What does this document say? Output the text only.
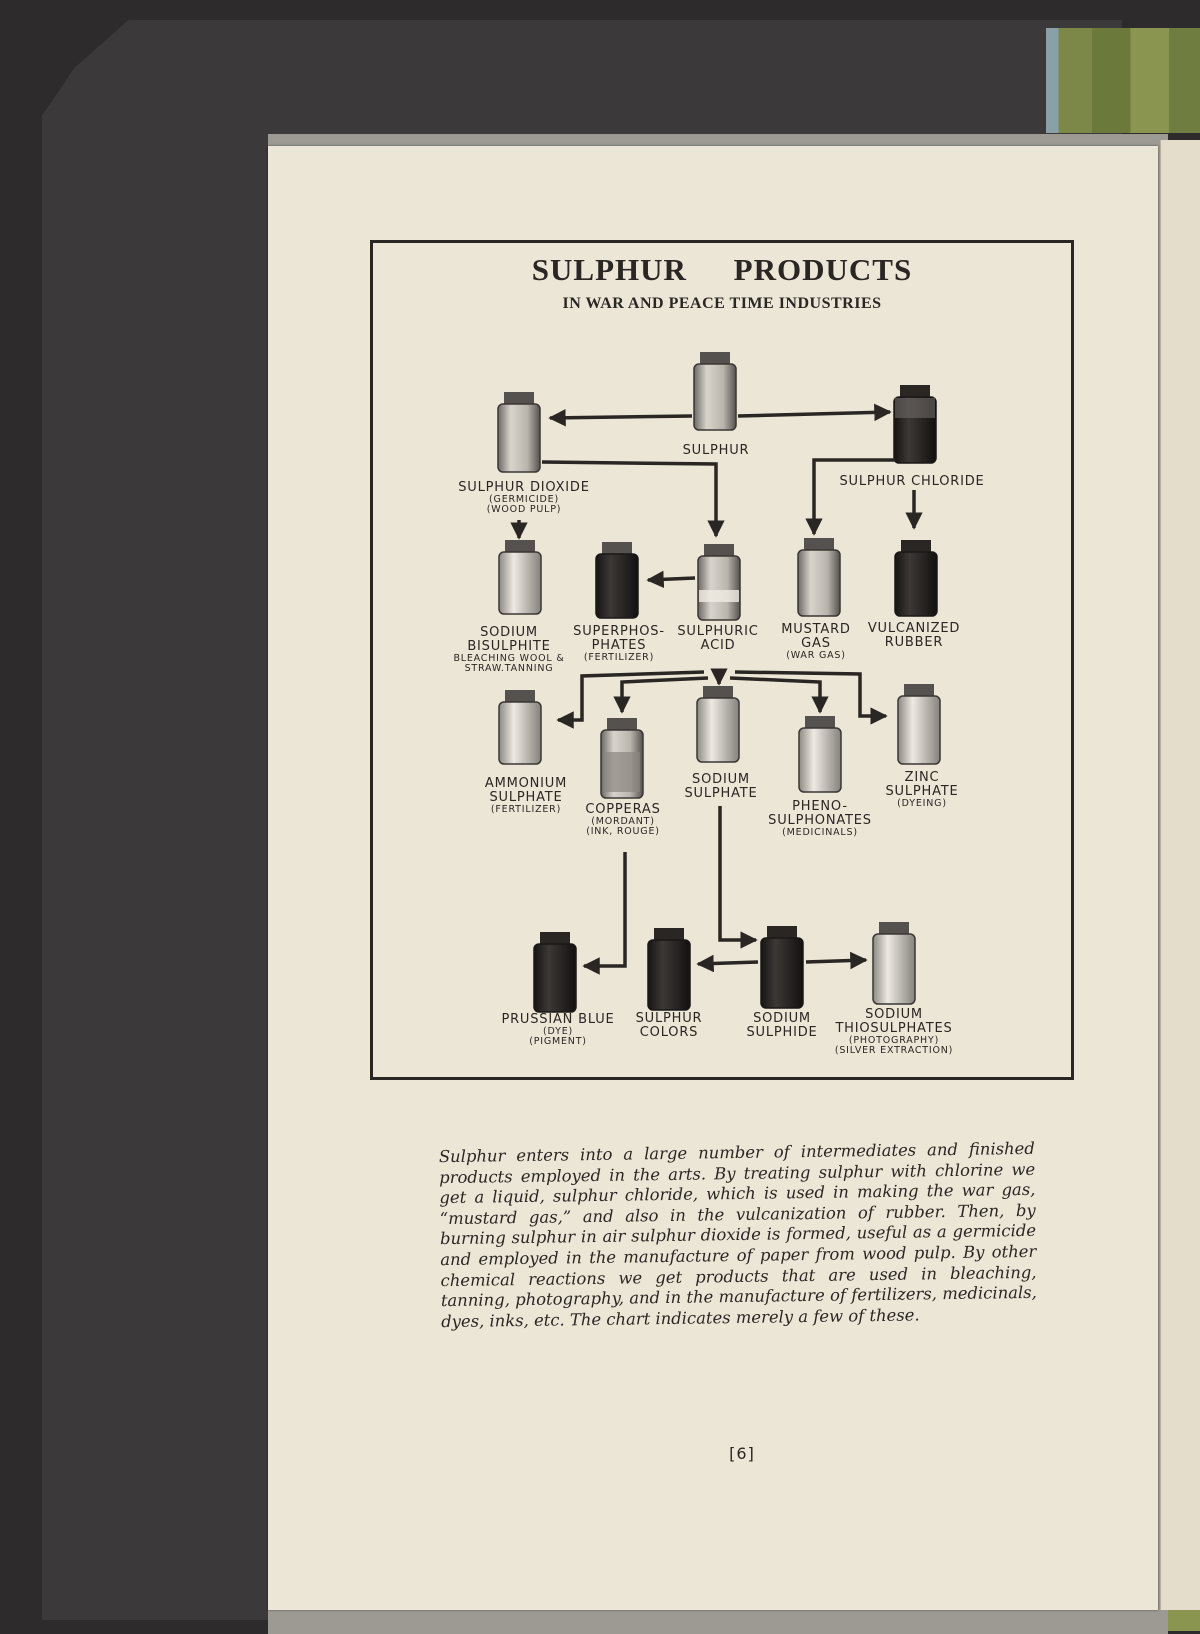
SULPHUR PRODUCTS
IN WAR AND PEACE TIME INDUSTRIES
SULPHUR
SULPHUR DIOXIDE
(GERMICIDE)
(WOOD PULP)
SULPHUR CHLORIDE
SODIUM
BISULPHITE
BLEACHING WOOL &
STRAW.TANNING
SUPERPHOS-
PHATES
(FERTILIZER)
SULPHURIC
ACID
MUSTARD
GAS
(WAR GAS)
VULCANIZED
RUBBER
AMMONIUM
SULPHATE
(FERTILIZER)	COPPERAS
(MORDANT)
(INK, ROUGE)
SODIUM
SULPHATE
PHENO-
SULPHONATES
(MEDICINALS)
ZINC
SULPHATE
(DYEING)
PRUSSIAN BLUE
(DYE)
(PIGMENT)
SULPHUR
COLORS
SODIUM
SULPHIDE
SODIUM
THIOSULPHATES
(PHOTOGRAPHY)
(SILVER EXTRACTION)
Sulphur enters into a large number of intermediates and finished products employed in the arts. By treating sulphur with chlorine we get a liquid, sulphur chloride, which is used in making the war gas, “mustard gas,” and also in the vulcanization of rubber. Then, by burning sulphur in air sulphur dioxide is formed, useful as a germicide and employed in the manufacture of paper from wood pulp. By other chemical reactions we get products that are used in bleaching, tanning, photography, and in the manufacture of fertilizers, medicinals, dyes, inks, etc. The chart indicates merely a few of these.
[6]
